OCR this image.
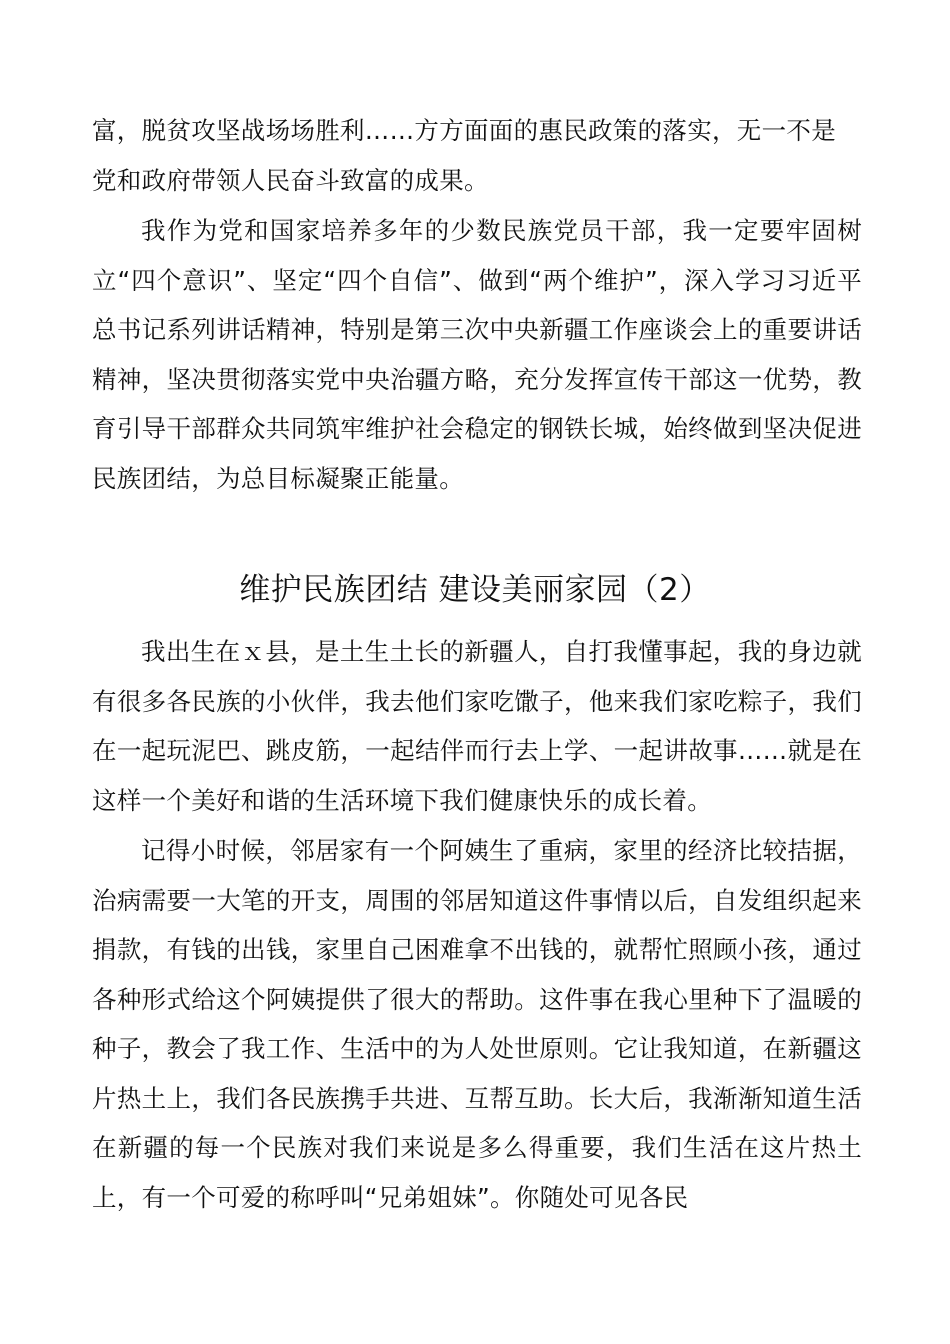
富，脱贫攻坚战场场胜利……方方面面的惠民政策的落实，无一不是
党和政府带领人民奋斗致富的成果。

我作为党和国家培养多年的少数民族党员干部，我一定要牢固树立“四个意识”、坚定“四个自信”、做到“两个维护”，深入学习习近平总书记系列讲话精神，特别是第三次中央新疆工作座谈会上的重要讲话精神，坚决贯彻落实党中央治疆方略，充分发挥宣传干部这一优势，教育引导干部群众共同筑牢维护社会稳定的钢铁长城，始终做到坚决促进民族团结，为总目标凝聚正能量。

维护民族团结 建设美丽家园（2）

我出生在ｘ县，是土生土长的新疆人，自打我懂事起，我的身边就有很多各民族的小伙伴，我去他们家吃馓子，他来我们家吃粽子，我们在一起玩泥巴、跳皮筋，一起结伴而行去上学、一起讲故事……就是在这样一个美好和谐的生活环境下我们健康快乐的成长着。

记得小时候，邻居家有一个阿姨生了重病，家里的经济比较拮据，治病需要一大笔的开支，周围的邻居知道这件事情以后，自发组织起来捐款，有钱的出钱，家里自己困难拿不出钱的，就帮忙照顾小孩，通过各种形式给这个阿姨提供了很大的帮助。这件事在我心里种下了温暖的种子，教会了我工作、生活中的为人处世原则。它让我知道，在新疆这片热土上，我们各民族携手共进、互帮互助。长大后，我渐渐知道生活在新疆的每一个民族对我们来说是多么得重要，我们生活在这片热土上，有一个可爱的称呼叫“兄弟姐妹”。你随处可见各民
